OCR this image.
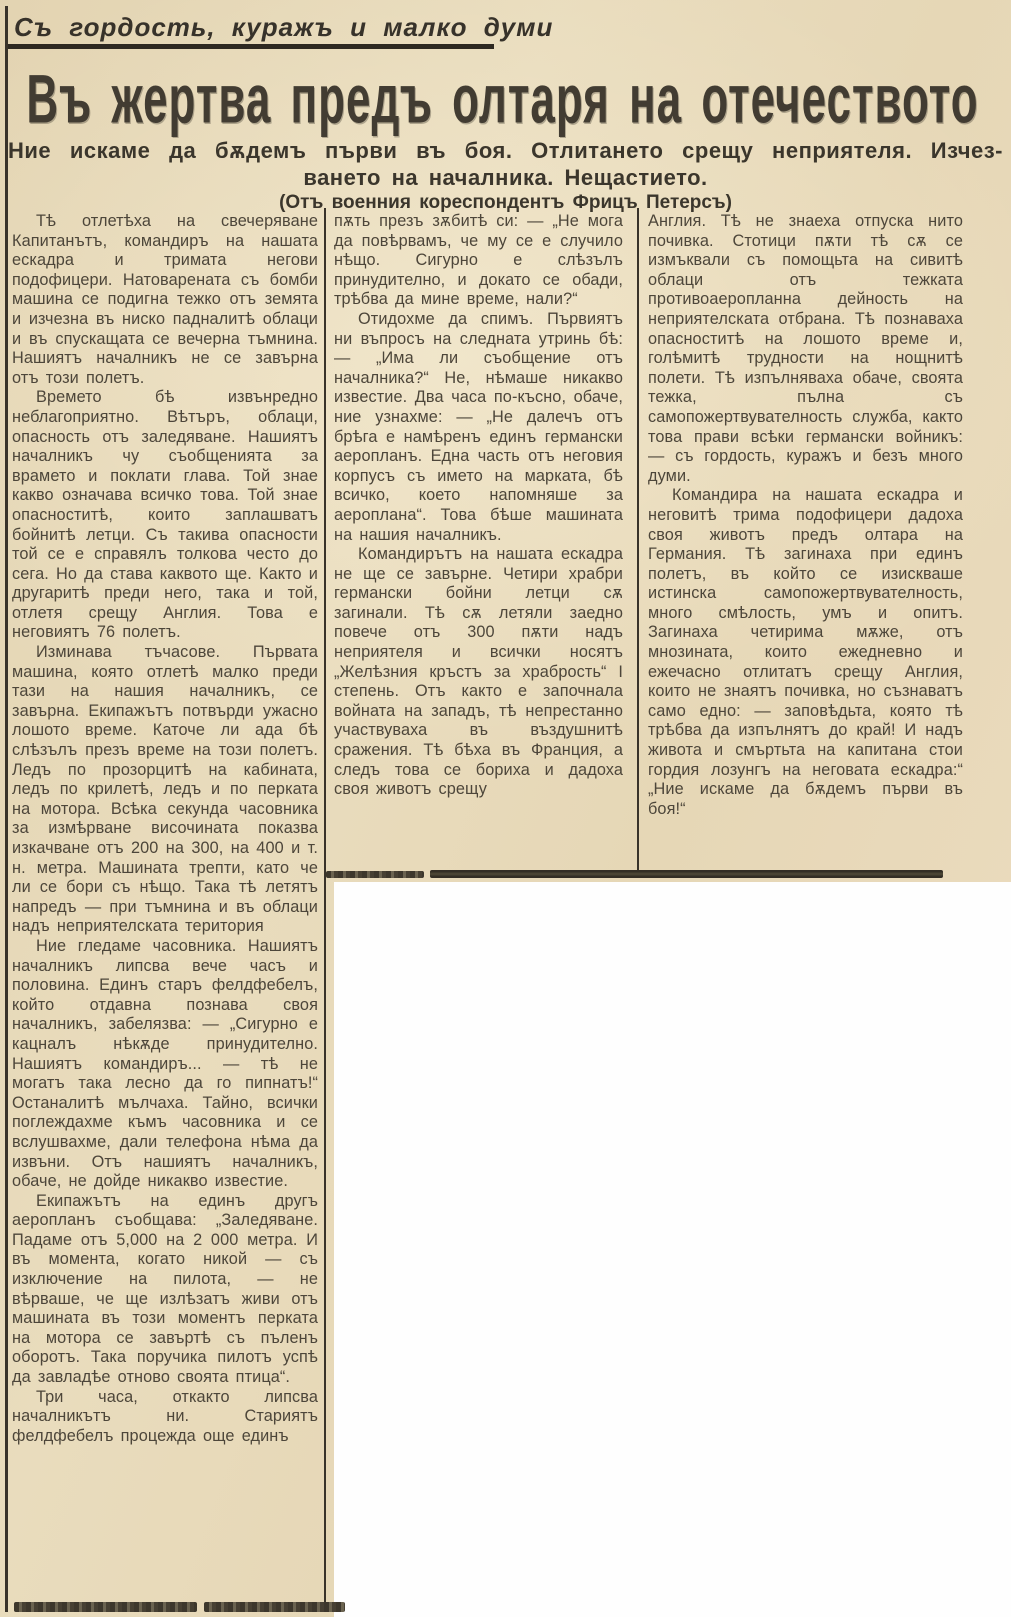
Съ гордость, куражъ и малко думи
Въ жертва предъ олтаря на отечеството
Ние искаме да бѫдемъ първи въ боя. Отлитането срещу неприятеля. Изчез-
ването на началника. Нещастието.
(Отъ военния кореспондентъ Фрицъ Петерсъ)

Тѣ отлетѣха на свечеряване Капитанътъ, командиръ на нашата ескадра и тримата негови подофицери. Натоварената съ бомби машина се подигна тежко отъ земята и изчезна въ ниско падналитѣ облаци и въ спускащата се вечерна тъмнина. Нашиятъ началникъ не се завърна отъ този полетъ.

Времето бѣ извънредно неблагоприятно. Вѣтъръ, облаци, опасность отъ заледяване. Нашиятъ началникъ чу съобщенията за врамето и поклати глава. Той знае какво означава всичко това. Той знае опасноститѣ, които заплашватъ бойнитѣ летци. Съ такива опасности той се е справялъ толкова често до сега. Но да става каквото ще. Както и другаритѣ преди него, така и той, отлетя срещу Англия. Това е неговиятъ 76 полетъ.

Изминава тъчасове. Първата машина, която отлетѣ малко преди тази на нашия началникъ, се завърна. Екипажътъ потвърди ужасно лошото време. Каточе ли ада бѣ слѣзълъ презъ време на този полетъ. Ледъ по прозорцитѣ на кабината, ледъ по крилетѣ, ледъ и по перката на мотора. Всѣка секунда часовника за измѣрване височината показва изкачване отъ 200 на 300, на 400 и т. н. метра. Машината трепти, като че ли се бори съ нѣщо. Така тѣ летятъ напредъ — при тъмнина и въ облаци надъ неприятелската територия

Ние гледаме часовника. Нашиятъ началникъ липсва вече часъ и половина. Единъ старъ фелдфебелъ, който отдавна познава своя началникъ, забелязва: — „Сигурно е кацналъ нѣкѫде принудително. Нашиятъ командиръ... — тѣ не могатъ така лесно да го пипнатъ!“ Останалитѣ мълчаха. Тайно, всички поглеждахме къмъ часовника и се вслушвахме, дали телефона нѣма да извъни. Отъ нашиятъ началникъ, обаче, не дойде никакво известие.

Екипажътъ на единъ другъ аеропланъ съобщава: „Заледяване. Падаме отъ 5,000 на 2 000 метра. И въ момента, когато никой — съ изключение на пилота, — не вѣрваше, че ще излѣзатъ живи отъ машината въ този моментъ перката на мотора се завъртѣ съ пъленъ оборотъ. Така поручика пилотъ успѣ да завладѣе отново своята птица“.

Три часа, откакто липсва началникътъ ни. Стариятъ фелдфебелъ процежда още единъ

пѫть презъ зѫбитѣ си: — „Не мога да повѣрвамъ, че му се е случило нѣщо. Сигурно е слѣзълъ принудително, и докато се обади, трѣбва да мине време, нали?“

Отидохме да спимъ. Първиятъ ни въпросъ на следната утринь бѣ: — „Има ли съобщение отъ началника?“ Не, нѣмаше никакво известие. Два часа по-късно, обаче, ние узнахме: — „Не далечъ отъ брѣга е намѣренъ единъ германски аеропланъ. Една часть отъ неговия корпусъ съ името на марката, бѣ всичко, което напомняше за аероплана“. Това бѣше машината на нашия началникъ.

Командирътъ на нашата ескадра не ще се завърне. Четири храбри германски бойни летци сѫ загинали. Тѣ сѫ летяли заедно повече отъ 300 пѫти надъ неприятеля и всички носятъ „Желѣзния кръстъ за храбрость“ I степень. Отъ както е започнала войната на западъ, тѣ непрестанно участвуваха въ въздушнитѣ сражения. Тѣ бѣха въ Франция, а следъ това се бориха и дадоха своя животъ срещу

Англия. Тѣ не знаеха отпуска нито почивка. Стотици пѫти тѣ сѫ се измъквали съ помощьта на сивитѣ облаци отъ тежката противоаеропланна дейность на неприятелската отбрана. Тѣ познаваха опасноститѣ на лошото време и, голѣмитѣ трудности на нощнитѣ полети. Тѣ изпълняваха обаче, своята тежка, пълна съ самопожертвувателность служба, както това прави всѣки германски войникъ: — съ гордость, куражъ и безъ много думи.

Командира на нашата ескадра и неговитѣ трима подофицери дадоха своя животъ предъ олтара на Германия. Тѣ загинаха при единъ полетъ, въ който се изискваше истинска самопожертвувателность, много смѣлость, умъ и опитъ. Загинаха четирима мѫже, отъ мнозината, които ежедневно и ежечасно отлитатъ срещу Англия, които не знаятъ почивка, но съзнаватъ само едно: — заповѣдьта, която тѣ трѣбва да изпълнятъ до край! И надъ живота и смъртьта на капитана стои гордия лозунгъ на неговата ескадра:“ „Ние искаме да бѫдемъ първи въ боя!“
